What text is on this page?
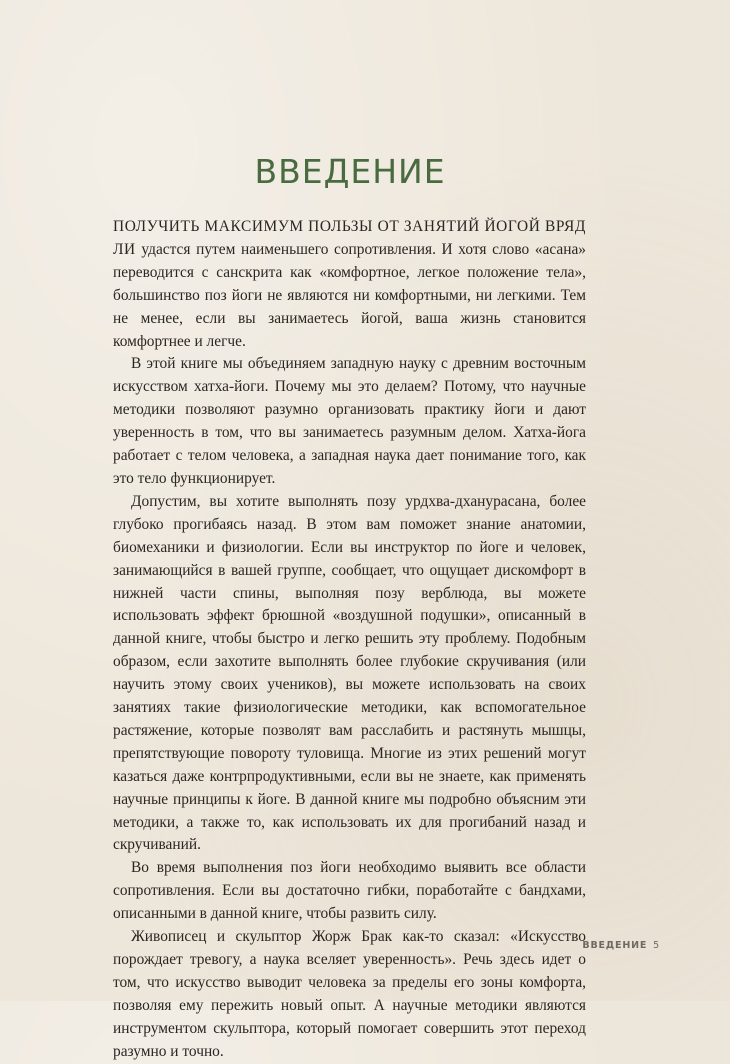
ВВЕДЕНИЕ

ПОЛУЧИТЬ МАКСИМУМ ПОЛЬЗЫ ОТ ЗАНЯТИЙ ЙОГОЙ ВРЯД ЛИ удастся путем наименьшего сопротивления. И хотя слово «асана» переводится с санскрита как «комфортное, легкое положение тела», большинство поз йоги не являются ни комфортными, ни легкими. Тем не менее, если вы занимаетесь йогой, ваша жизнь становится комфортнее и легче.

В этой книге мы объединяем западную науку с древним восточным искусством хатха-йоги. Почему мы это делаем? Потому, что научные методики позволяют разумно организовать практику йоги и дают уверенность в том, что вы занимаетесь разумным делом. Хатха-йога работает с телом человека, а западная наука дает понимание того, как это тело функционирует.

Допустим, вы хотите выполнять позу урдхва-дханурасана, более глубоко прогибаясь назад. В этом вам поможет знание анатомии, биомеханики и физиологии. Если вы инструктор по йоге и человек, занимающийся в вашей группе, сообщает, что ощущает дискомфорт в нижней части спины, выполняя позу верблюда, вы можете использовать эффект брюшной «воздушной подушки», описанный в данной книге, чтобы быстро и легко решить эту проблему. Подобным образом, если захотите выполнять более глубокие скручивания (или научить этому своих учеников), вы можете использовать на своих занятиях такие физиологические методики, как вспомогательное растяжение, которые позволят вам расслабить и растянуть мышцы, препятствующие повороту туловища. Многие из этих решений могут казаться даже контрпродуктивными, если вы не знаете, как применять научные принципы к йоге. В данной книге мы подробно объясним эти методики, а также то, как использовать их для прогибаний назад и скручиваний.

Во время выполнения поз йоги необходимо выявить все области сопротивления. Если вы достаточно гибки, поработайте с бандхами, описанными в данной книге, чтобы развить силу.

Живописец и скульптор Жорж Брак как-то сказал: «Искусство порождает тревогу, а наука вселяет уверенность». Речь здесь идет о том, что искусство выводит человека за пределы его зоны комфорта, позволяя ему пережить новый опыт. А научные методики являются инструментом скульптора, который помогает совершить этот переход разумно и точно.

ВВЕДЕНИЕ 5
